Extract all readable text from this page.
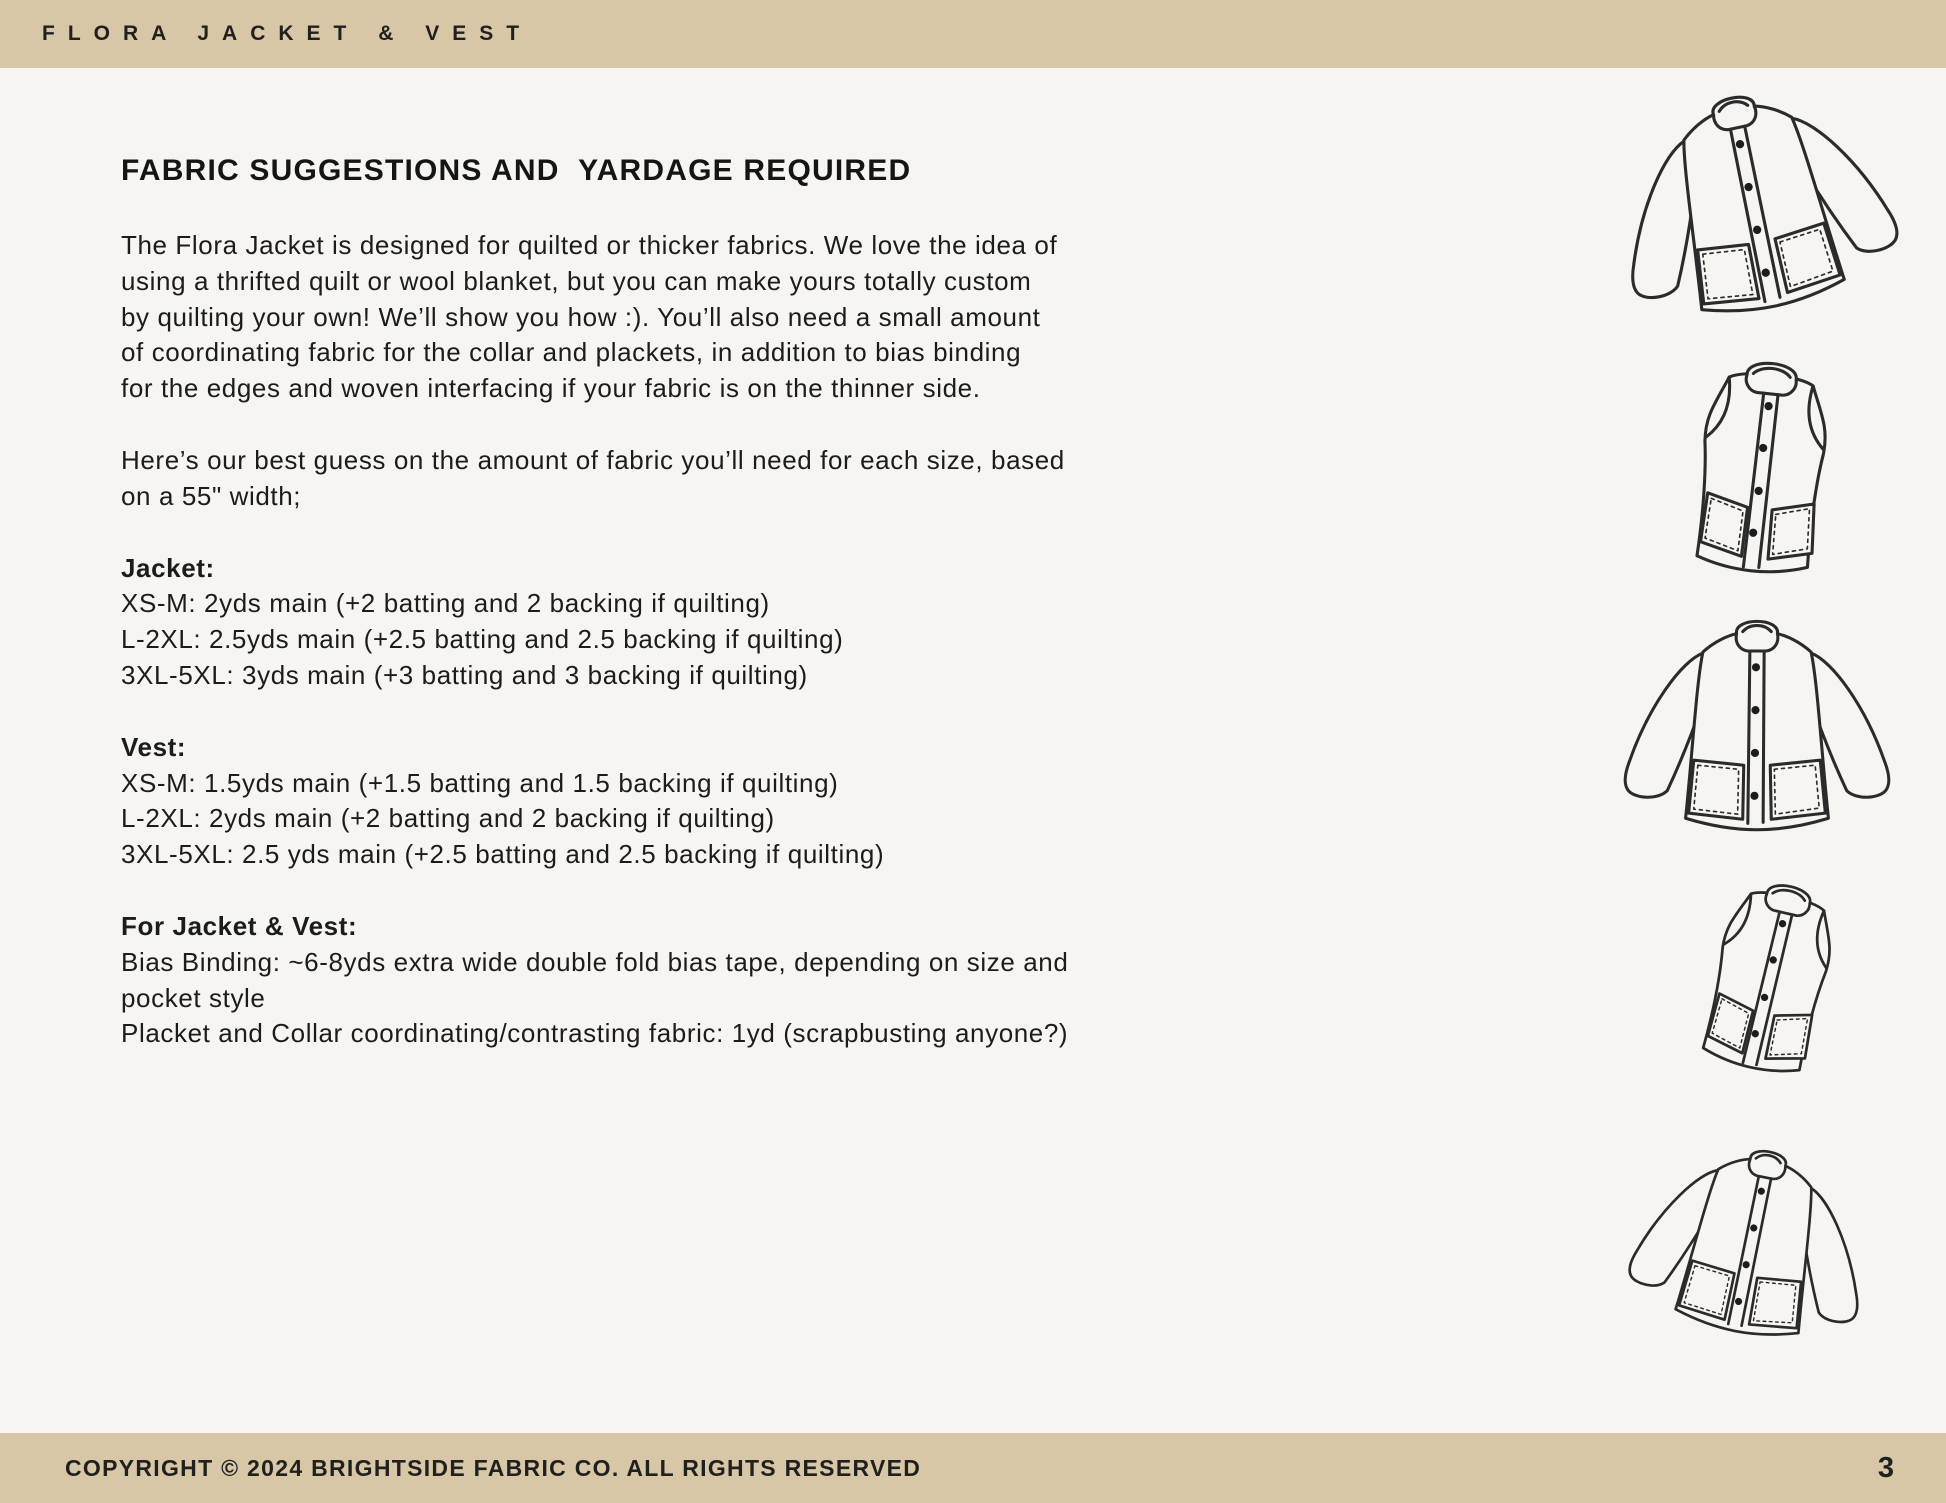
FLORA JACKET & VEST
FABRIC SUGGESTIONS AND  YARDAGE REQUIRED
The Flora Jacket is designed for quilted or thicker fabrics. We love the idea of
using a thrifted quilt or wool blanket, but you can make yours totally custom
by quilting your own! We’ll show you how :). You’ll also need a small amount
of coordinating fabric for the collar and plackets, in addition to bias binding
for the edges and woven interfacing if your fabric is on the thinner side.
Here’s our best guess on the amount of fabric you’ll need for each size, based
on a 55" width;
Jacket:
XS-M: 2yds main (+2 batting and 2 backing if quilting)
L-2XL: 2.5yds main (+2.5 batting and 2.5 backing if quilting)
3XL-5XL: 3yds main (+3 batting and 3 backing if quilting)
Vest:
XS-M: 1.5yds main (+1.5 batting and 1.5 backing if quilting)
L-2XL: 2yds main (+2 batting and 2 backing if quilting)
3XL-5XL: 2.5 yds main (+2.5 batting and 2.5 backing if quilting)
For Jacket & Vest:
Bias Binding: ~6-8yds extra wide double fold bias tape, depending on size and
pocket style
Placket and Collar coordinating/contrasting fabric: 1yd (scrapbusting anyone?)
COPYRIGHT © 2024 BRIGHTSIDE FABRIC CO. ALL RIGHTS RESERVED	3
